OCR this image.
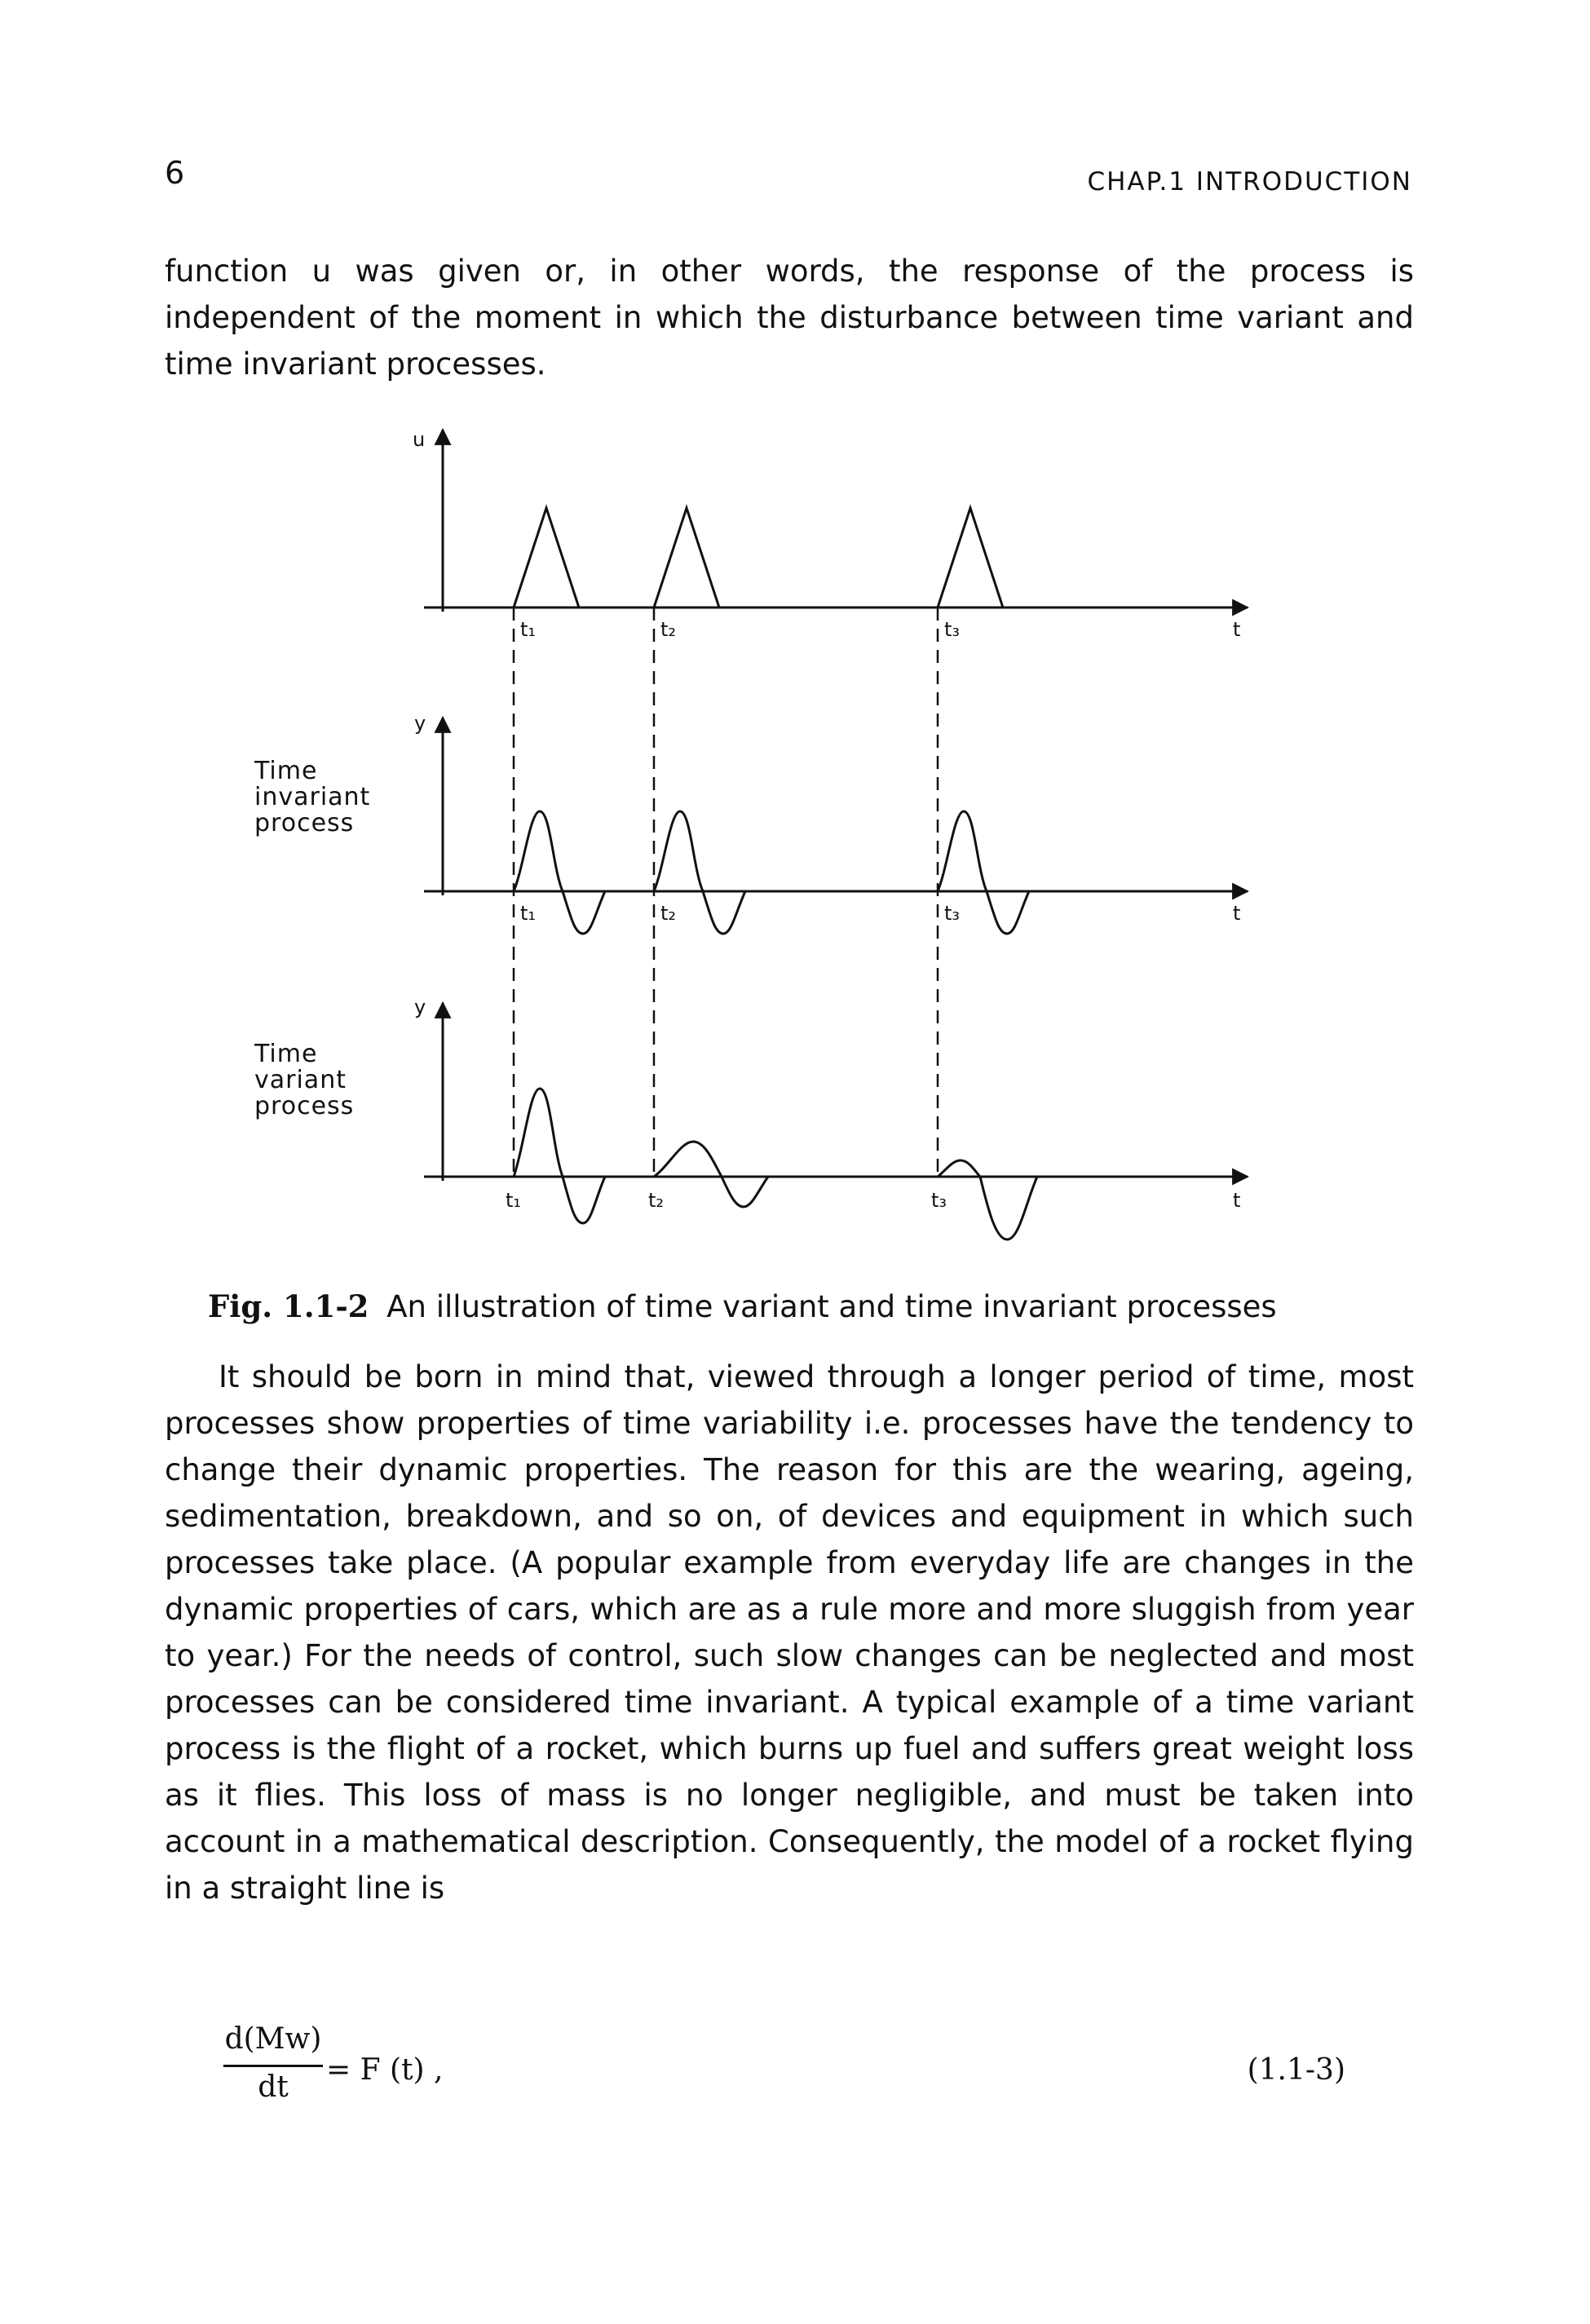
6	CHAP.1 INTRODUCTION

function u was given or, in other words, the response of the process is independent of the moment in which the disturbance between time variant and time invariant processes.

u
t
t₁	t₂	t₃
y
t
t₁	t₂	t₃
y
t
t₁	t₂	t₃
Time
invariant
process
Time
variant
process
Fig. 1.1-2 An illustration of time variant and time invariant processes

It should be born in mind that, viewed through a longer period of time, most processes show properties of time variability i.e. processes have the tendency to change their dynamic properties. The reason for this are the wearing, ageing, sedimentation, breakdown, and so on, of devices and equipment in which such processes take place. (A popular example from everyday life are changes in the dynamic properties of cars, which are as a rule more and more sluggish from year to year.) For the needs of control, such slow changes can be neglected and most processes can be considered time invariant. A typical example of a time variant process is the flight of a rocket, which burns up fuel and suffers great weight loss as it flies. This loss of mass is no longer negligible, and must be taken into account in a mathematical description. Consequently, the model of a rocket flying in a straight line is

d(Mw)
dt
= F (t) ,	(1.1-3)
